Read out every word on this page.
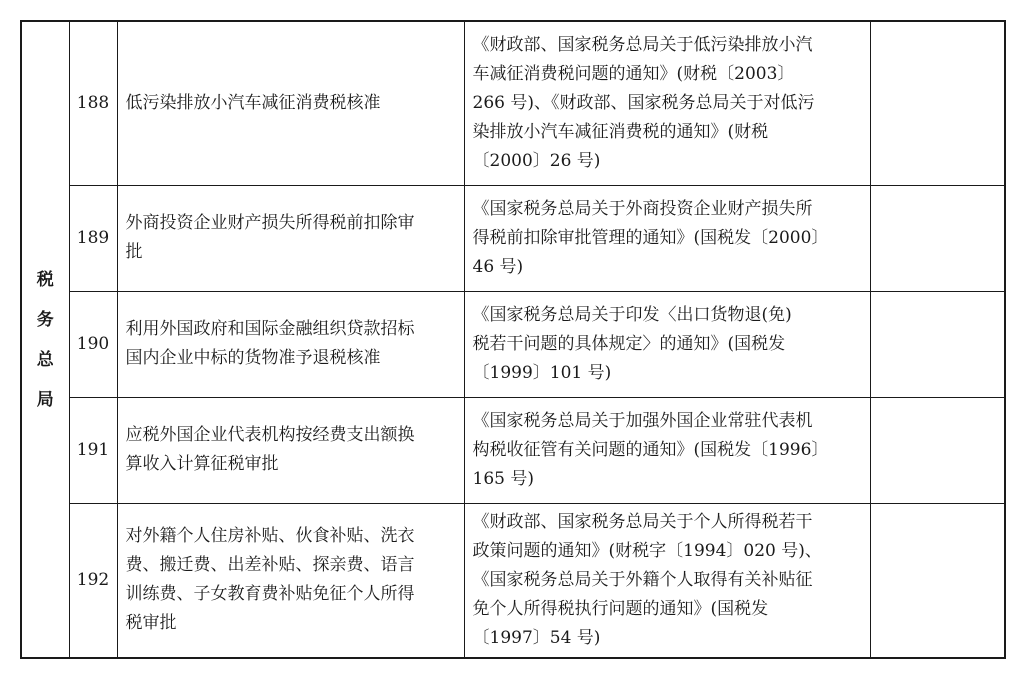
税
务
总
局	188	低污染排放小汽车减征消费税核准	《财政部、国家税务总局关于低污染排放小汽
车减征消费税问题的通知》(财税〔2003〕
266 号)、《财政部、国家税务总局关于对低污
染排放小汽车减征消费税的通知》(财税
〔2000〕26 号)	

	189	外商投资企业财产损失所得税前扣除审
批	《国家税务总局关于外商投资企业财产损失所
得税前扣除审批管理的通知》(国税发〔2000〕
46 号)	

	190	利用外国政府和国际金融组织贷款招标
国内企业中标的货物准予退税核准	《国家税务总局关于印发〈出口货物退(免)
税若干问题的具体规定〉的通知》(国税发
〔1999〕101 号)	

	191	应税外国企业代表机构按经费支出额换
算收入计算征税审批	《国家税务总局关于加强外国企业常驻代表机
构税收征管有关问题的通知》(国税发〔1996〕
165 号)	

	192	对外籍个人住房补贴、伙食补贴、洗衣
费、搬迁费、出差补贴、探亲费、语言
训练费、子女教育费补贴免征个人所得
税审批	《财政部、国家税务总局关于个人所得税若干
政策问题的通知》(财税字〔1994〕020 号)、
《国家税务总局关于外籍个人取得有关补贴征
免个人所得税执行问题的通知》(国税发
〔1997〕54 号)	
